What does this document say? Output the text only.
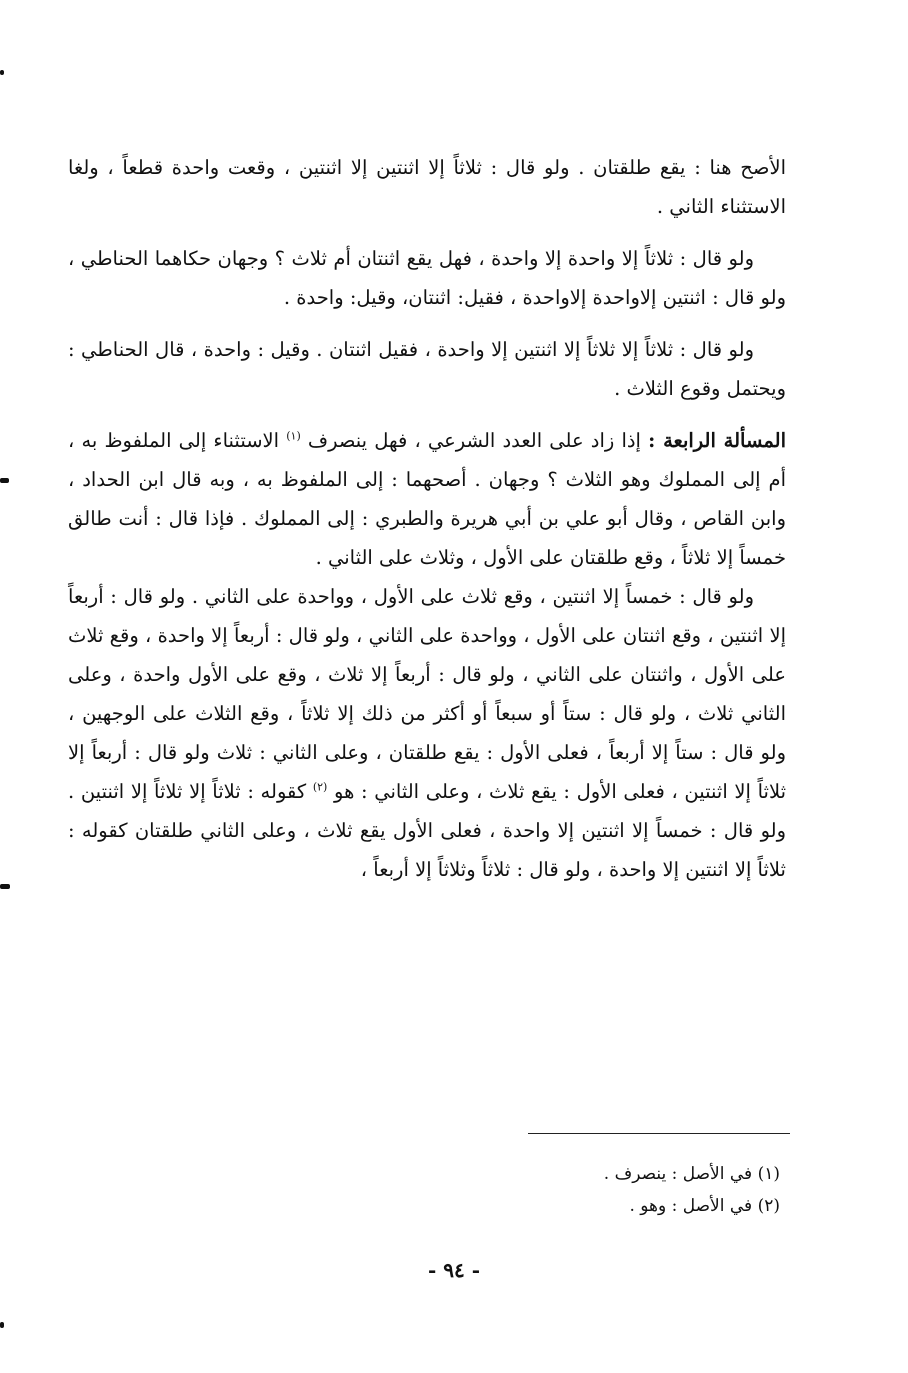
الأصح هنا : يقع طلقتان . ولو قال : ثلاثاً إلا اثنتين إلا اثنتين ، وقعت واحدة قطعاً ، ولغا الاستثناء الثاني .

ولو قال : ثلاثاً إلا واحدة إلا واحدة ، فهل يقع اثنتان أم ثلاث ؟ وجهان حكاهما الحناطي ، ولو قال : اثنتين إلاواحدة إلاواحدة ، فقيل: اثنتان، وقيل: واحدة .

ولو قال : ثلاثاً إلا ثلاثاً إلا اثنتين إلا واحدة ، فقيل اثنتان . وقيل : واحدة ، قال الحناطي : ويحتمل وقوع الثلاث .

المسألة الرابعة : إذا زاد على العدد الشرعي ، فهل ينصرف $^{(١)}$ الاستثناء إلى الملفوظ به ، أم إلى المملوك وهو الثلاث ؟ وجهان . أصحهما : إلى الملفوظ به ، وبه قال ابن الحداد ، وابن القاص ، وقال أبو علي بن أبي هريرة والطبري : إلى المملوك . فإذا قال : أنت طالق خمساً إلا ثلاثاً ، وقع طلقتان على الأول ، وثلاث على الثاني .

ولو قال : خمساً إلا اثنتين ، وقع ثلاث على الأول ، وواحدة على الثاني . ولو قال : أربعاً إلا اثنتين ، وقع اثنتان على الأول ، وواحدة على الثاني ، ولو قال : أربعاً إلا واحدة ، وقع ثلاث على الأول ، واثنتان على الثاني ، ولو قال : أربعاً إلا ثلاث ، وقع على الأول واحدة ، وعلى الثاني ثلاث ، ولو قال : ستاً أو سبعاً أو أكثر من ذلك إلا ثلاثاً ، وقع الثلاث على الوجهين ، ولو قال : ستاً إلا أربعاً ، فعلى الأول : يقع طلقتان ، وعلى الثاني : ثلاث ولو قال : أربعاً إلا ثلاثاً إلا اثنتين ، فعلى الأول : يقع ثلاث ، وعلى الثاني : هو $^{(٢)}$ كقوله : ثلاثاً إلا ثلاثاً إلا اثنتين . ولو قال : خمساً إلا اثنتين إلا واحدة ، فعلى الأول يقع ثلاث ، وعلى الثاني طلقتان كقوله : ثلاثاً إلا اثنتين إلا واحدة ، ولو قال : ثلاثاً وثلاثاً إلا أربعاً ،

(١) في الأصل : ينصرف .

(٢) في الأصل : وهو .

- ٩٤ -
